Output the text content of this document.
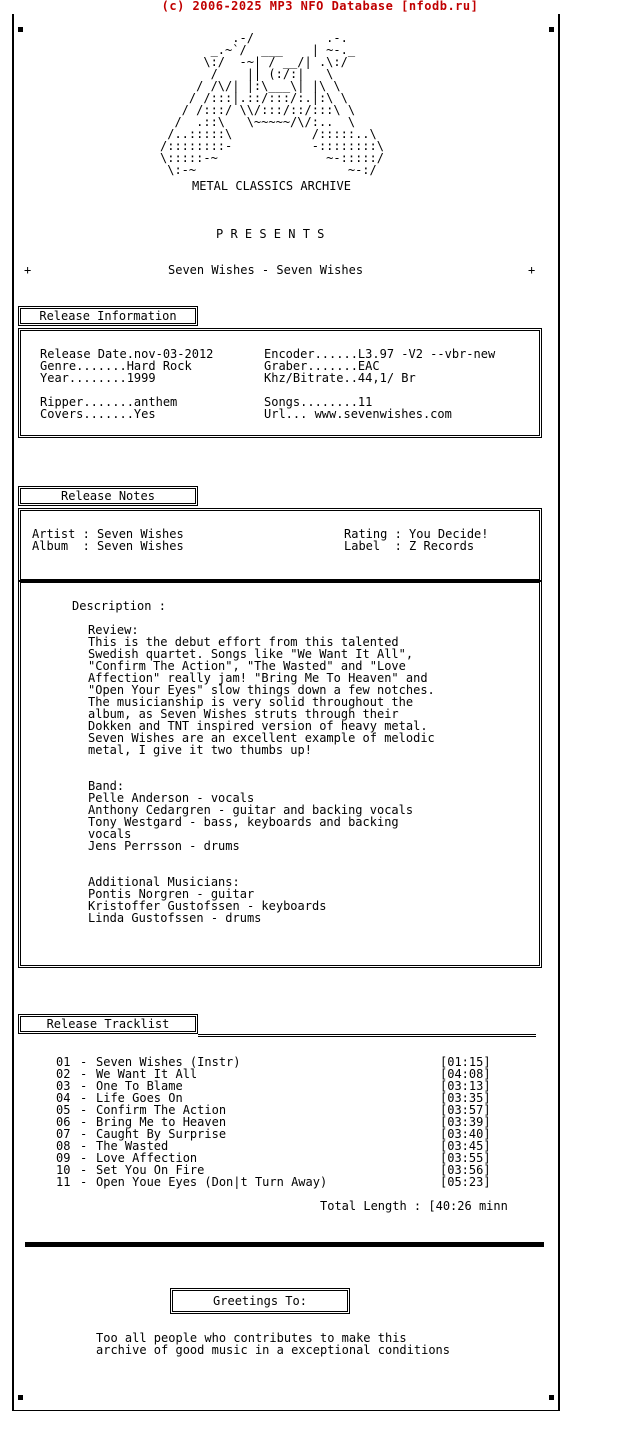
(c) 2006-2025 MP3 NFO Database [nfodb.ru]
.-/          .-.
_.~`/  ___    | ~-._
\:/  -~| / __/| .\:/
/    || (:/:|   \
/ /\/| |:\___\| |\ \
/ /:::|.::/:::/:.|:\ \
/ /:::/ \\/:::/::/:::\ \
/  .::\   \~~~~~/\/:..  \
/..:::::\           /:::::..\
/::::::::-           -::::::::\
\:::::-~               ~-:::::/
\:-~                     ~-:/
METAL CLASSICS ARCHIVE
P R E S E N T S
+	Seven Wishes - Seven Wishes	+
Release Information
Release Date.nov-03-2012
Genre.......Hard Rock
Year........1999
Ripper.......anthem
Covers.......Yes
Encoder......L3.97 -V2 --vbr-new
Graber.......EAC
Khz/Bitrate..44,1/ Br
Songs........11
Url... www.sevenwishes.com
Release Notes
Artist : Seven Wishes
Album  : Seven Wishes
Rating : You Decide!
Label  : Z Records
Description :
Review:
This is the debut effort from this talented
Swedish quartet. Songs like "We Want It All",
"Confirm The Action", "The Wasted" and "Love
Affection" really jam! "Bring Me To Heaven" and
"Open Your Eyes" slow things down a few notches.
The musicianship is very solid throughout the
album, as Seven Wishes struts through their
Dokken and TNT inspired version of heavy metal.
Seven Wishes are an excellent example of melodic
metal, I give it two thumbs up!
Band:
Pelle Anderson - vocals
Anthony Cedargren - guitar and backing vocals
Tony Westgard - bass, keyboards and backing
vocals
Jens Perrsson - drums
Additional Musicians:
Pontis Norgren - guitar
Kristoffer Gustofssen - keyboards
Linda Gustofssen - drums
Release Tracklist
01 - Seven Wishes (Instr)	[01:15]
02 - We Want It All	[04:08]
03 - One To Blame	[03:13]
04 - Life Goes On	[03:35]
05 - Confirm The Action	[03:57]
06 - Bring Me to Heaven	[03:39]
07 - Caught By Surprise	[03:40]
08 - The Wasted	[03:45]
09 - Love Affection	[03:55]
10 - Set You On Fire	[03:56]
11 - Open Youe Eyes (Don|t Turn Away)	[05:23]
Total Length : [40:26 minn
Greetings To:
Too all people who contributes to make this
archive of good music in a exceptional conditions
